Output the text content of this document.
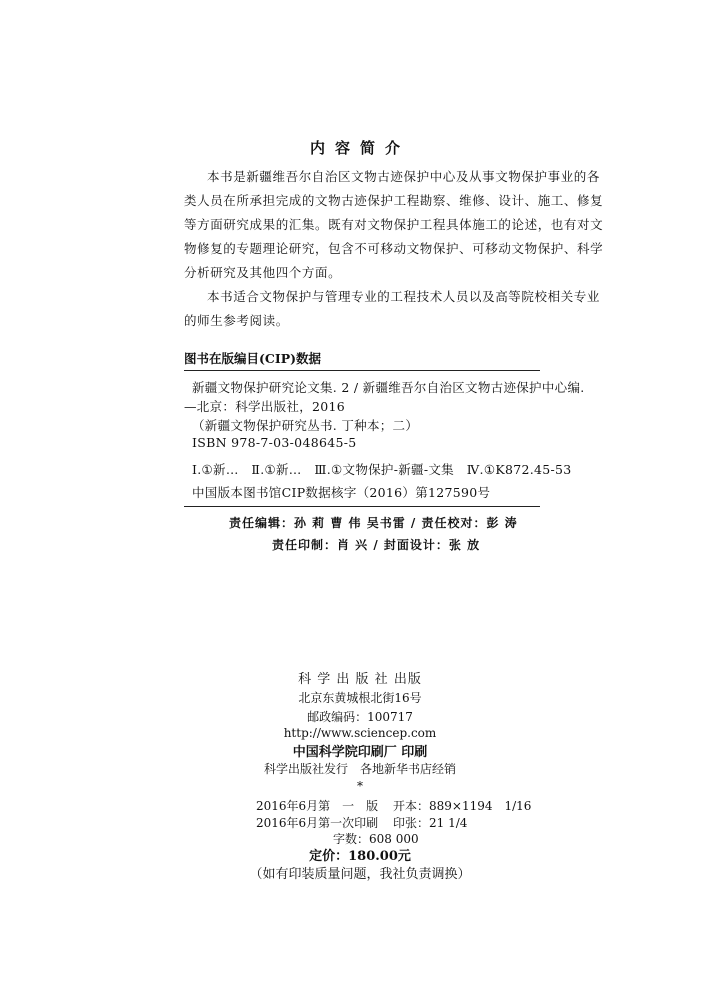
内容简介
本书是新疆维吾尔自治区文物古迹保护中心及从事文物保护事业的各
类人员在所承担完成的文物古迹保护工程勘察、维修、设计、施工、修复
等方面研究成果的汇集。既有对文物保护工程具体施工的论述，也有对文
物修复的专题理论研究，包含不可移动文物保护、可移动文物保护、科学
分析研究及其他四个方面。
本书适合文物保护与管理专业的工程技术人员以及高等院校相关专业
的师生参考阅读。
图书在版编目(CIP)数据
新疆文物保护研究论文集. 2 / 新疆维吾尔自治区文物古迹保护中心编.
—北京：科学出版社，2016
（新疆文物保护研究丛书. 丁种本；二）
ISBN 978-7-03-048645-5
Ⅰ.①新…　Ⅱ.①新…　Ⅲ.①文物保护-新疆-文集　Ⅳ.①K872.45-53
中国版本图书馆CIP数据核字（2016）第127590号
责任编辑：孙 莉 曹 伟 吴书雷 / 责任校对：彭 涛
责任印制：肖 兴 / 封面设计：张 放
科 学 出 版 社 出版
北京东黄城根北街16号
邮政编码：100717
http://www.sciencep.com
中国科学院印刷厂 印刷
科学出版社发行　各地新华书店经销
*
2016年6月第　一　版 开本：889×1194　1/16
2016年6月第一次印刷 印张：21 1/4
字数：608 000
定价：180.00元
（如有印装质量问题，我社负责调换）
